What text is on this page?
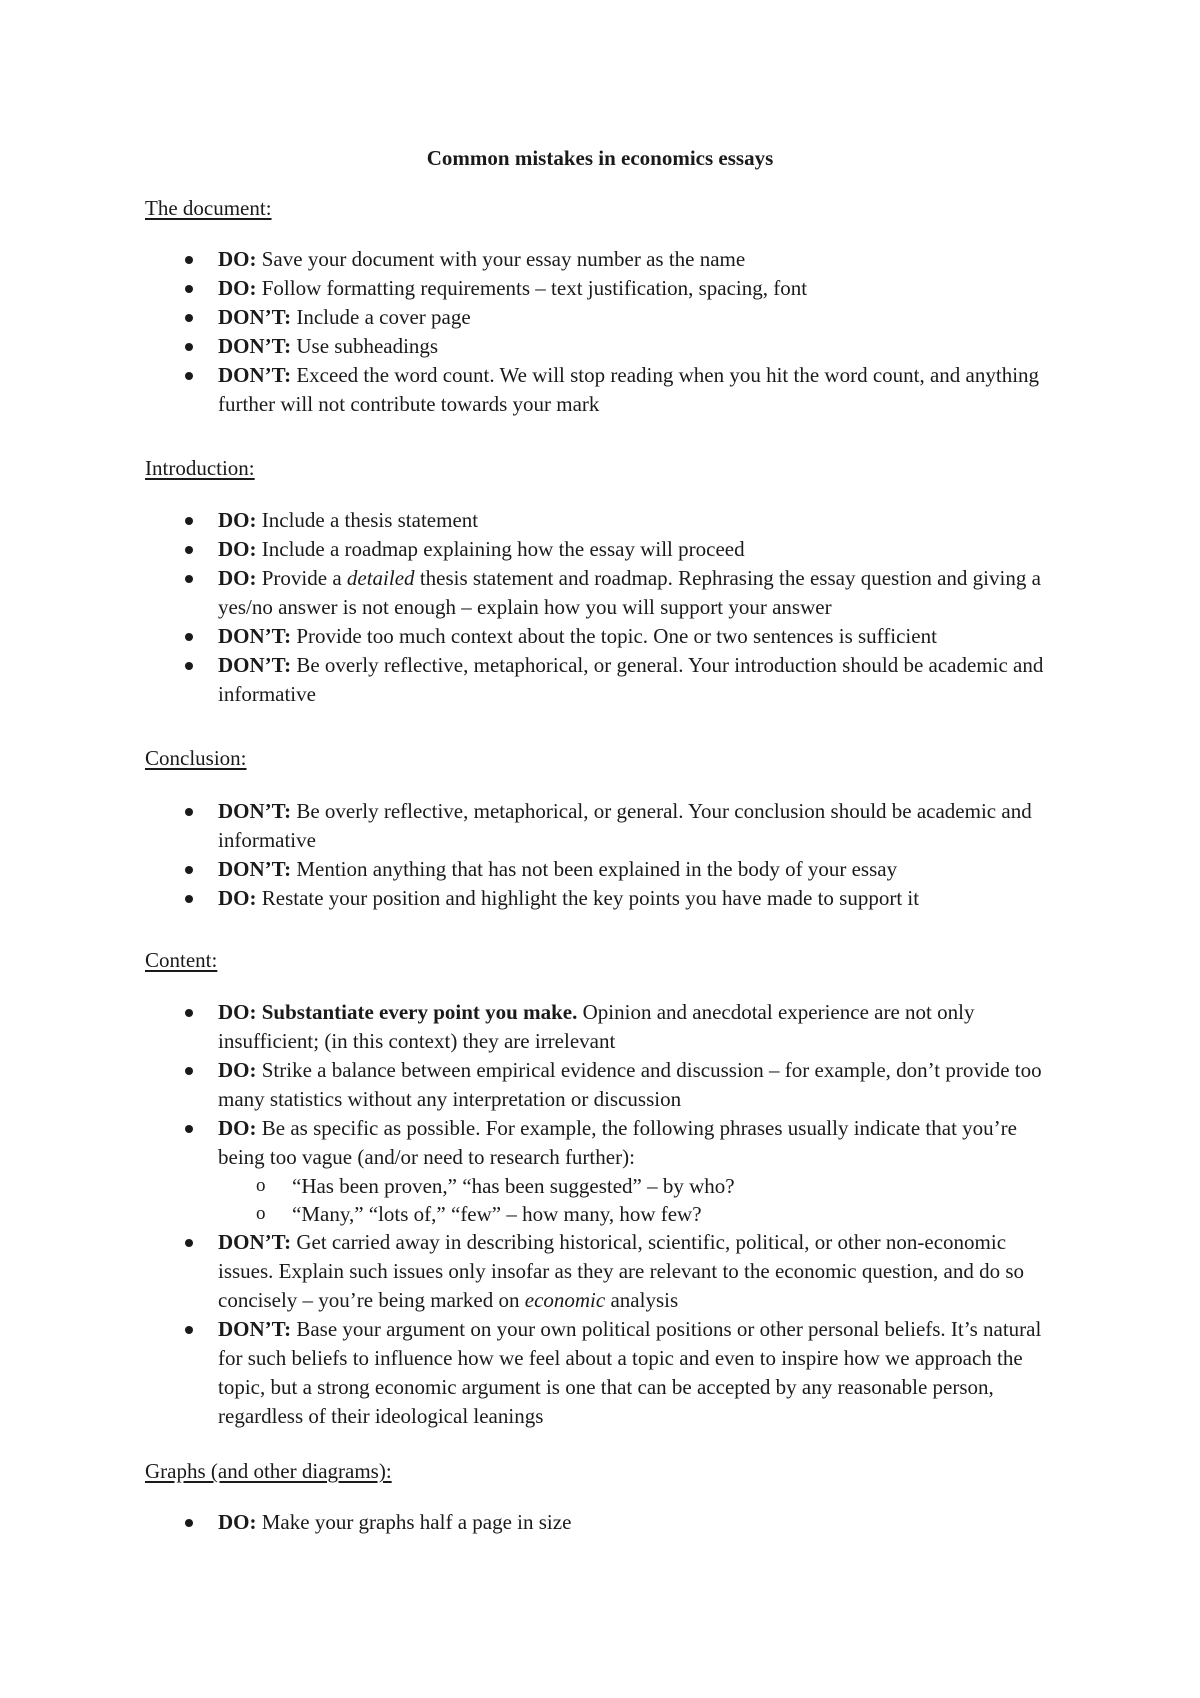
Common mistakes in economics essays
The document:
DO: Save your document with your essay number as the name
DO: Follow formatting requirements – text justification, spacing, font
DON’T: Include a cover page
DON’T: Use subheadings
DON’T: Exceed the word count. We will stop reading when you hit the word count, and anything further will not contribute towards your mark
Introduction:
DO: Include a thesis statement
DO: Include a roadmap explaining how the essay will proceed
DO: Provide a detailed thesis statement and roadmap. Rephrasing the essay question and giving a yes/no answer is not enough – explain how you will support your answer
DON’T: Provide too much context about the topic. One or two sentences is sufficient
DON’T: Be overly reflective, metaphorical, or general. Your introduction should be academic and informative
Conclusion:
DON’T: Be overly reflective, metaphorical, or general. Your conclusion should be academic and informative
DON’T: Mention anything that has not been explained in the body of your essay
DO: Restate your position and highlight the key points you have made to support it
Content:
DO: Substantiate every point you make. Opinion and anecdotal experience are not only insufficient; (in this context) they are irrelevant
DO: Strike a balance between empirical evidence and discussion – for example, don’t provide too many statistics without any interpretation or discussion
DO: Be as specific as possible. For example, the following phrases usually indicate that you’re being too vague (and/or need to research further):
o “Has been proven,” “has been suggested” – by who?
o “Many,” “lots of,” “few” – how many, how few?
DON’T: Get carried away in describing historical, scientific, political, or other non-economic issues. Explain such issues only insofar as they are relevant to the economic question, and do so concisely – you’re being marked on economic analysis
DON’T: Base your argument on your own political positions or other personal beliefs. It’s natural for such beliefs to influence how we feel about a topic and even to inspire how we approach the topic, but a strong economic argument is one that can be accepted by any reasonable person, regardless of their ideological leanings
Graphs (and other diagrams):
DO: Make your graphs half a page in size
